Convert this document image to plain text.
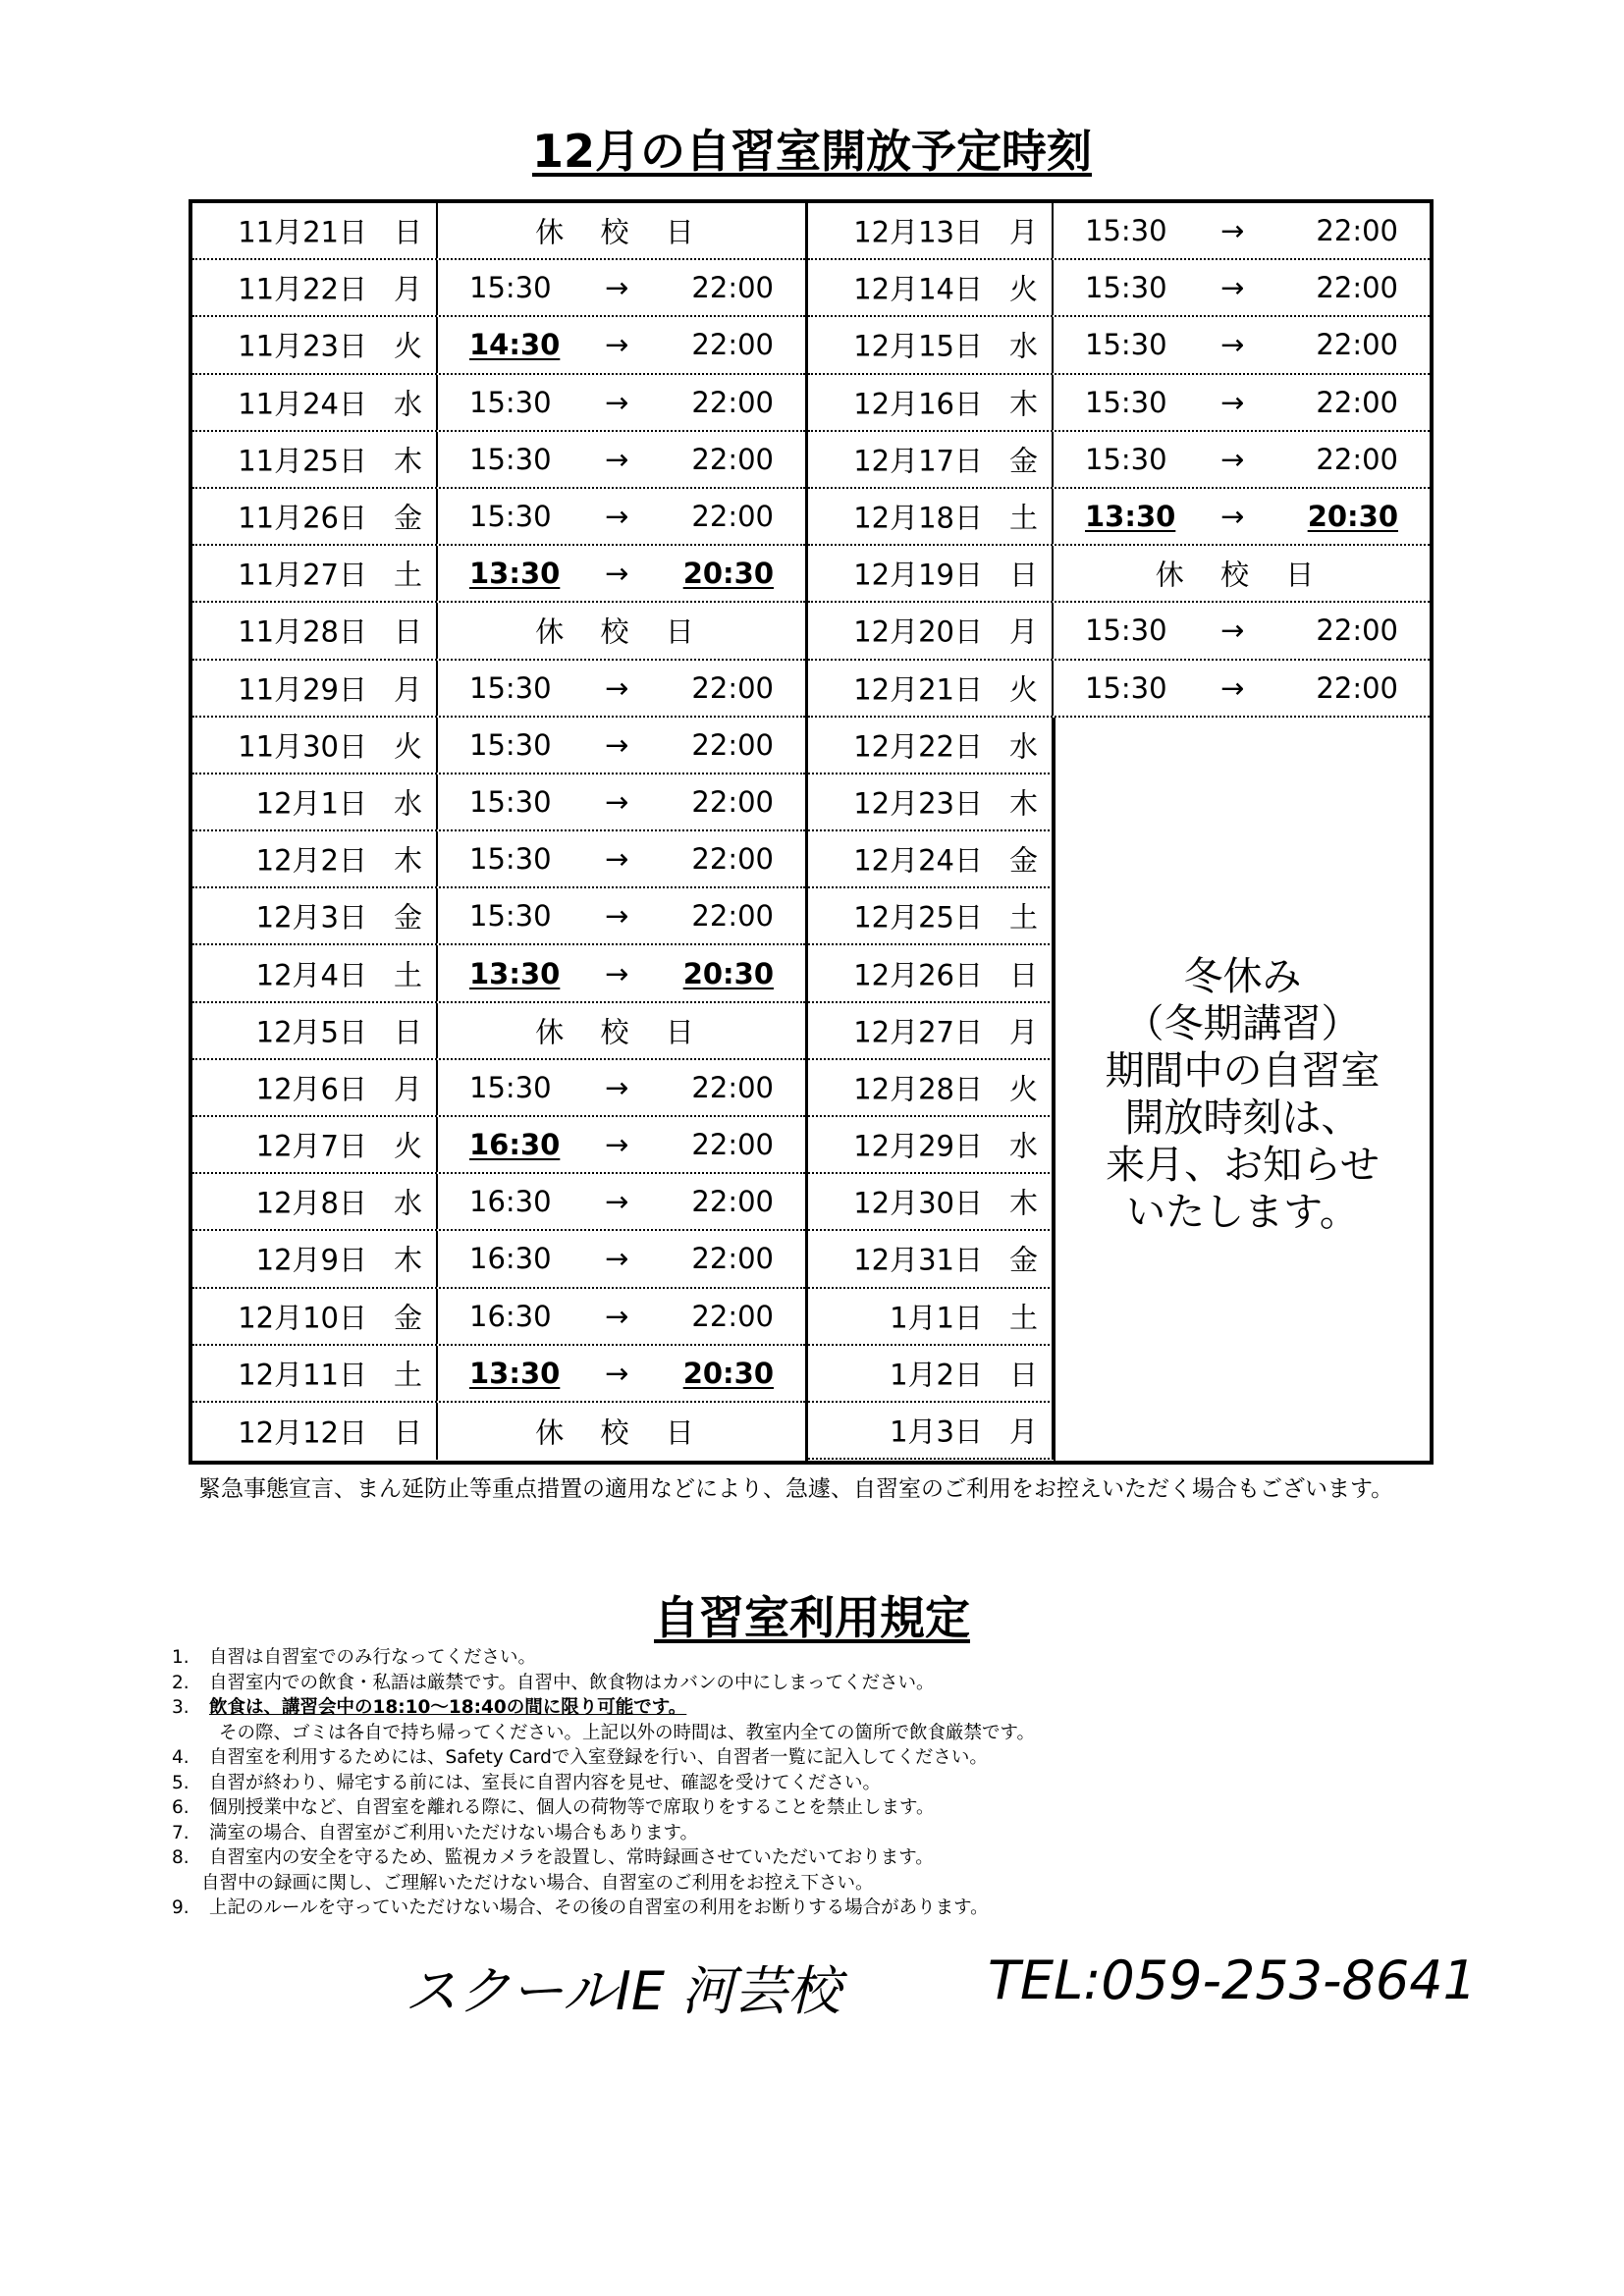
12月の自習室開放予定時刻
11月21日 日	休 校 日
11月22日 月 15:30 → 22:00
11月23日 火 14:30 → 22:00
11月24日 水 15:30 → 22:00
11月25日 木 15:30 → 22:00
11月26日 金 15:30 → 22:00
11月27日 土 13:30 → 20:30
11月28日 日	休 校 日
11月29日 月 15:30 → 22:00
11月30日 火 15:30 → 22:00
12月1日 水 15:30 → 22:00
12月2日 木 15:30 → 22:00
12月3日 金 15:30 → 22:00
12月4日 土 13:30 → 20:30
12月5日 日	休 校 日
12月6日 月 15:30 → 22:00
12月7日 火 16:30 → 22:00
12月8日 水 16:30 → 22:00
12月9日 木 16:30 → 22:00
12月10日 金 16:30 → 22:00
12月11日 土 13:30 → 20:30
12月12日 日	休 校 日
12月13日 月 15:30 →	22:00
12月14日 火 15:30 →	22:00
12月15日 水 15:30 →	22:00
12月16日 木 15:30 →	22:00
12月17日 金 15:30 →	22:00
12月18日 土 13:30 → 20:30
12月19日 日	休 校 日
12月20日 月 15:30 →	22:00
12月21日 火 15:30 →	22:00
12月22日 水
12月23日 木
12月24日 金
12月25日 土
12月26日 日
12月27日 月
12月28日 火
12月29日 水
12月30日 木
12月31日 金
1月1日 土
1月2日 日
1月3日 月
冬休み
（冬期講習）
期間中の自習室
開放時刻は、
来月、お知らせ
いたします。
緊急事態宣言、まん延防止等重点措置の適用などにより、急遽、自習室のご利用をお控えいただく場合もございます。
自習室利用規定
1. 自習は自習室でのみ行なってください。
2. 自習室内での飲食・私語は厳禁です。自習中、飲食物はカバンの中にしまってください。
3. 飲食は、講習会中の18:10～18:40の間に限り可能です。
その際、ゴミは各自で持ち帰ってください。上記以外の時間は、教室内全ての箇所で飲食厳禁です。
4. 自習室を利用するためには、Safety Cardで入室登録を行い、自習者一覧に記入してください。
5. 自習が終わり、帰宅する前には、室長に自習内容を見せ、確認を受けてください。
6. 個別授業中など、自習室を離れる際に、個人の荷物等で席取りをすることを禁止します。
7. 満室の場合、自習室がご利用いただけない場合もあります。
8. 自習室内の安全を守るため、監視カメラを設置し、常時録画させていただいております。
自習中の録画に関し、ご理解いただけない場合、自習室のご利用をお控え下さい。
9. 上記のルールを守っていただけない場合、その後の自習室の利用をお断りする場合があります。
スクールIE 河芸校	TEL:059-253-8641
